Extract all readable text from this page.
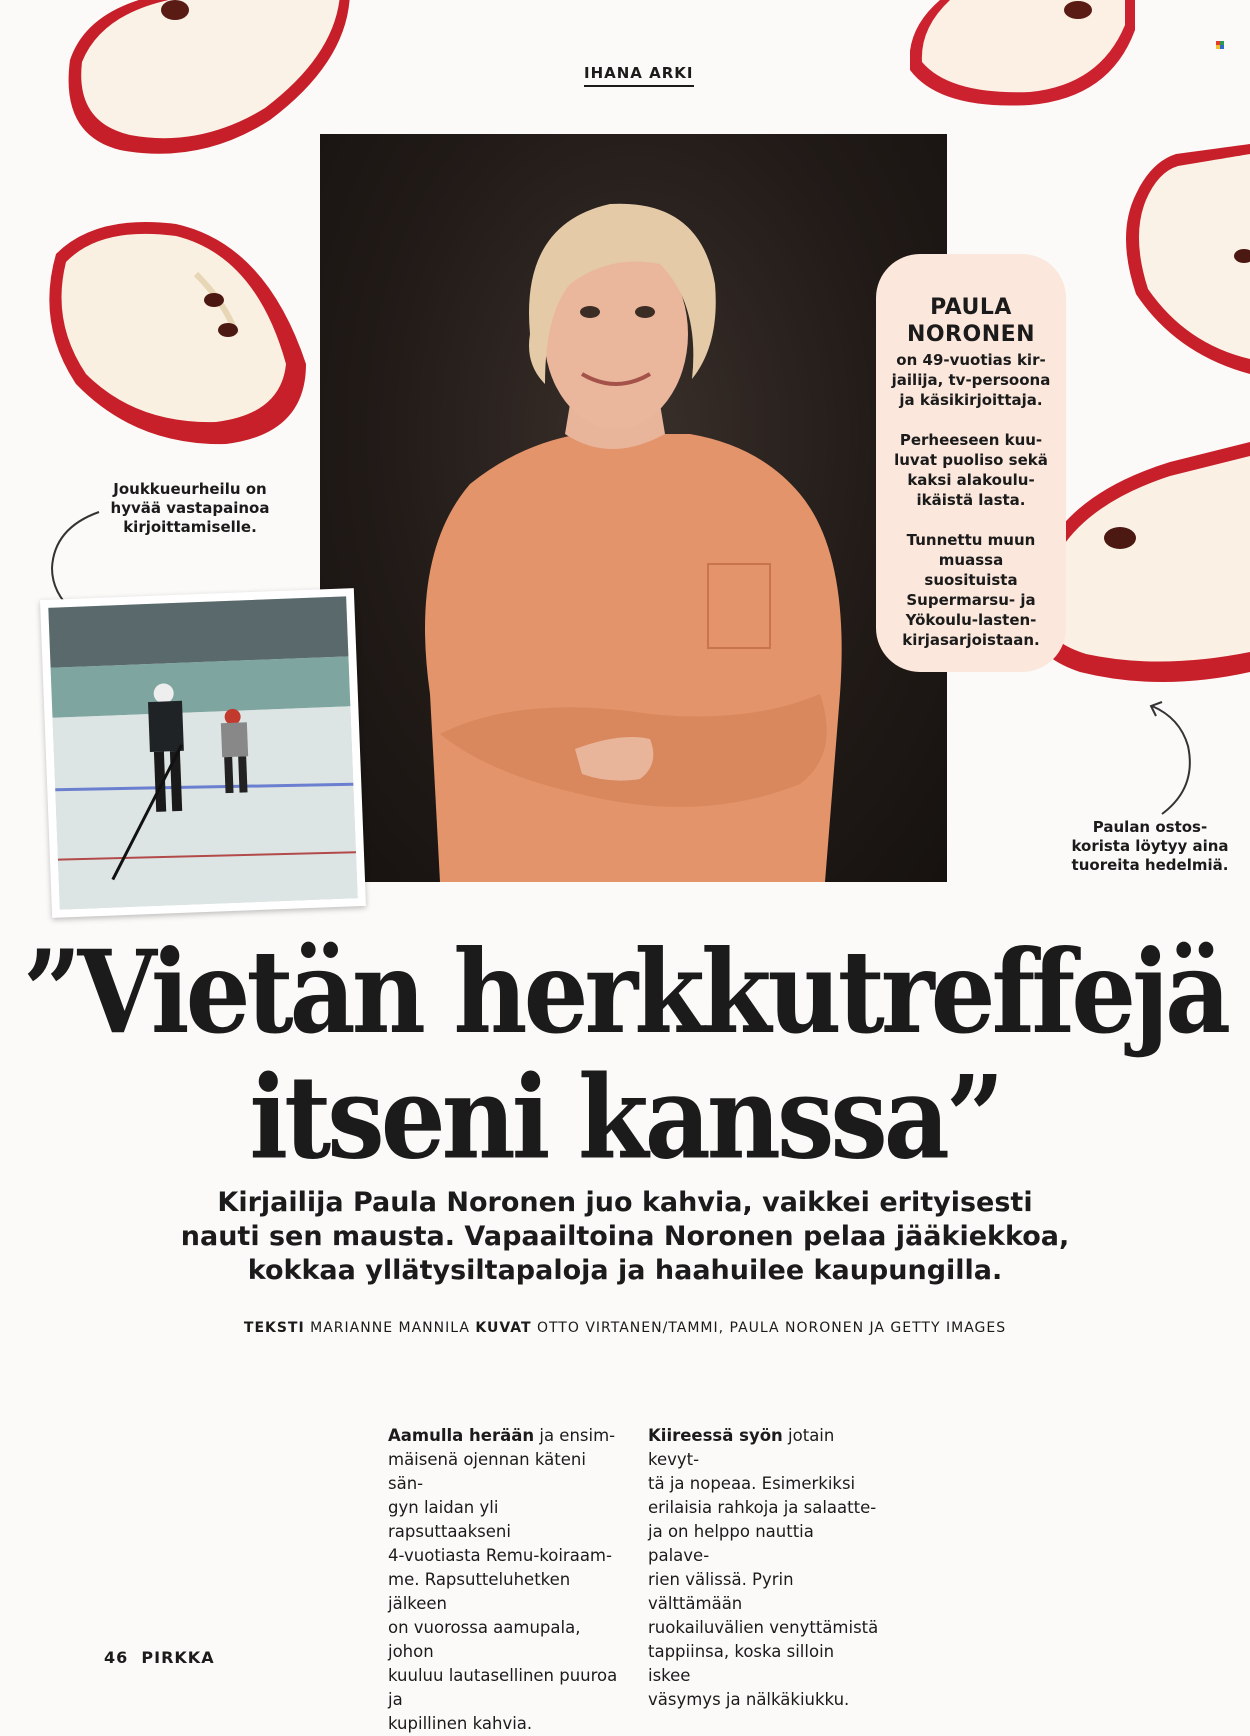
IHANA ARKI
PAULA
NORONEN
on 49-vuotias kir-
jailija, tv-persoona
ja käsikirjoittaja.
Perheeseen kuu-
luvat puoliso sekä
kaksi alakoulu-
ikäistä lasta.
Tunnettu muun
muassa suosituista
Supermarsu- ja
Yökoulu-lasten-
kirjasarjoistaan.
Joukkueurheilu on
hyvää vastapainoa
kirjoittamiselle.
Paulan ostos-
korista löytyy aina
tuoreita hedelmiä.
”Vietän herkkutreffejä
itseni kanssa”
Kirjailija Paula Noronen juo kahvia, vaikkei erityisesti nauti sen mausta. Vapaailtoina Noronen pelaa jääkiekkoa, kokkaa yllätysiltapaloja ja haahuilee kaupungilla.
TEKSTI MARIANNE MANNILA KUVAT OTTO VIRTANEN/TAMMI, PAULA NORONEN JA GETTY IMAGES
Aamulla herään ja ensim-
mäisenä ojennan käteni sän-
gyn laidan yli rapsuttaakseni
4-vuotiasta Remu-koiraam-
me. Rapsutteluhetken jälkeen
on vuorossa aamupala, johon
kuuluu lautasellinen puuroa ja
kupillinen kahvia.
Kiireessä syön jotain kevyt-
tä ja nopeaa. Esimerkiksi
erilaisia rahkoja ja salaatte-
ja on helppo nauttia palave-
rien välissä. Pyrin välttämään
ruokailuvälien venyttämistä
tappiinsa, koska silloin iskee
väsymys ja nälkäkiukku.
46 PIRKKA
